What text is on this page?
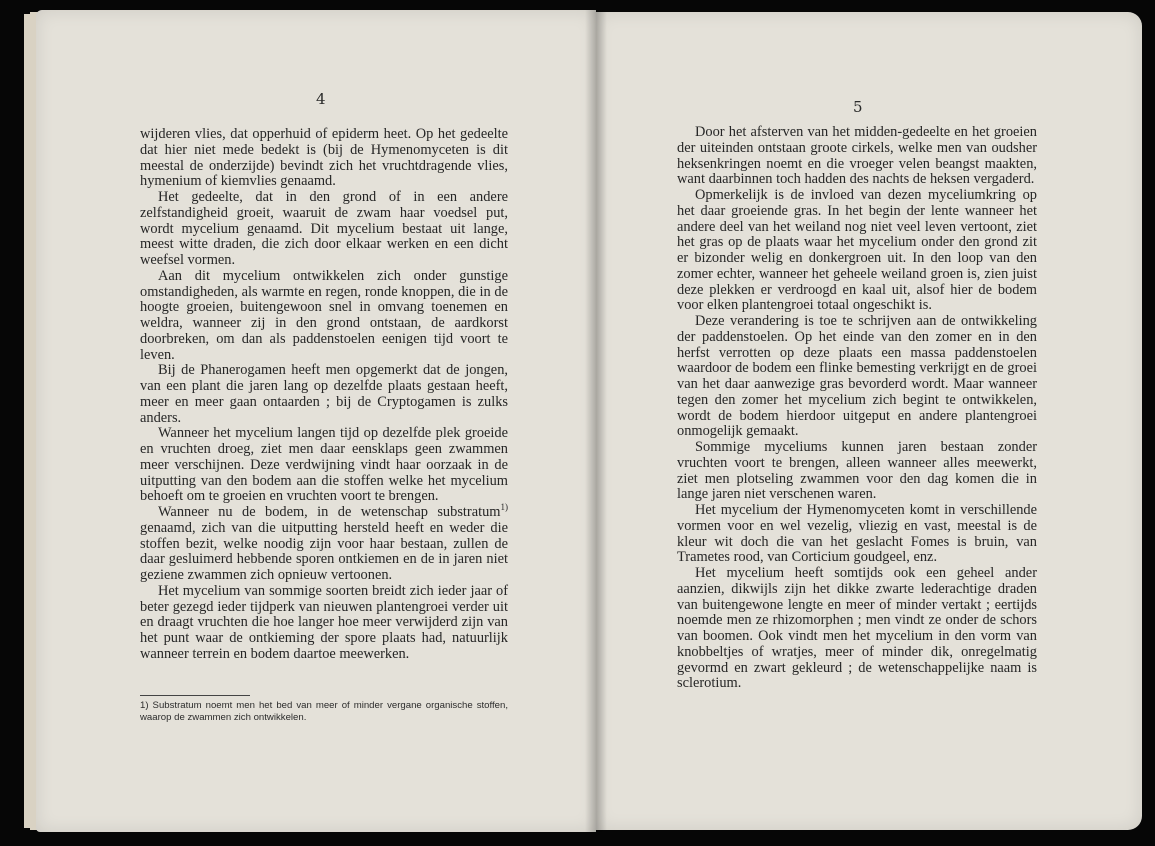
4	5

wijderen vlies, dat opperhuid of epiderm heet. Op het gedeelte dat hier niet mede bedekt is (bij de Hymenomyceten is dit meestal de onderzijde) bevindt zich het vruchtdragende vlies, hymenium of kiemvlies genaamd.

Het gedeelte, dat in den grond of in een andere zelfstandigheid groeit, waaruit de zwam haar voedsel put, wordt mycelium genaamd. Dit mycelium bestaat uit lange, meest witte draden, die zich door elkaar werken en een dicht weefsel vormen.

Aan dit mycelium ontwikkelen zich onder gunstige omstandigheden, als warmte en regen, ronde knoppen, die in de hoogte groeien, buitengewoon snel in omvang toenemen en weldra, wanneer zij in den grond ontstaan, de aardkorst doorbreken, om dan als paddenstoelen eenigen tijd voort te leven.

Bij de Phanerogamen heeft men opgemerkt dat de jongen, van een plant die jaren lang op dezelfde plaats gestaan heeft, meer en meer gaan ontaarden ; bij de Cryptogamen is zulks anders.

Wanneer het mycelium langen tijd op dezelfde plek groeide en vruchten droeg, ziet men daar eensklaps geen zwammen meer verschijnen. Deze verdwijning vindt haar oorzaak in de uitputting van den bodem aan die stoffen welke het mycelium behoeft om te groeien en vruchten voort te brengen.

Wanneer nu de bodem, in de wetenschap substratum$^{1)}$ genaamd, zich van die uitputting hersteld heeft en weder die stoffen bezit, welke noodig zijn voor haar bestaan, zullen de daar gesluimerd hebbende sporen ontkiemen en de in jaren niet geziene zwammen zich opnieuw vertoonen.

Het mycelium van sommige soorten breidt zich ieder jaar of beter gezegd ieder tijdperk van nieuwen plantengroei verder uit en draagt vruchten die hoe langer hoe meer verwijderd zijn van het punt waar de ontkieming der spore plaats had, natuurlijk wanneer terrein en bodem daartoe meewerken.

1) Substratum noemt men het bed van meer of minder vergane organische stoffen, waarop de zwammen zich ontwikkelen.

Door het afsterven van het midden-gedeelte en het groeien der uiteinden ontstaan groote cirkels, welke men van oudsher heksenkringen noemt en die vroeger velen beangst maakten, want daarbinnen toch hadden des nachts de heksen vergaderd.

Opmerkelijk is de invloed van dezen myceliumkring op het daar groeiende gras. In het begin der lente wanneer het andere deel van het weiland nog niet veel leven vertoont, ziet het gras op de plaats waar het mycelium onder den grond zit er bizonder welig en donkergroen uit. In den loop van den zomer echter, wanneer het geheele weiland groen is, zien juist deze plekken er verdroogd en kaal uit, alsof hier de bodem voor elken plantengroei totaal ongeschikt is.

Deze verandering is toe te schrijven aan de ontwikkeling der paddenstoelen. Op het einde van den zomer en in den herfst verrotten op deze plaats een massa paddenstoelen waardoor de bodem een flinke bemesting verkrijgt en de groei van het daar aanwezige gras bevorderd wordt. Maar wanneer tegen den zomer het mycelium zich begint te ontwikkelen, wordt de bodem hierdoor uitgeput en andere plantengroei onmogelijk gemaakt.

Sommige myceliums kunnen jaren bestaan zonder vruchten voort te brengen, alleen wanneer alles meewerkt, ziet men plotseling zwammen voor den dag komen die in lange jaren niet verschenen waren.

Het mycelium der Hymenomyceten komt in verschillende vormen voor en wel vezelig, vliezig en vast, meestal is de kleur wit doch die van het geslacht Fomes is bruin, van Trametes rood, van Corticium goudgeel, enz.

Het mycelium heeft somtijds ook een geheel ander aanzien, dikwijls zijn het dikke zwarte lederachtige draden van buitengewone lengte en meer of minder vertakt ; eertijds noemde men ze rhizomorphen ; men vindt ze onder de schors van boomen. Ook vindt men het mycelium in den vorm van knobbeltjes of wratjes, meer of minder dik, onregelmatig gevormd en zwart gekleurd ; de wetenschappelijke naam is sclerotium.
